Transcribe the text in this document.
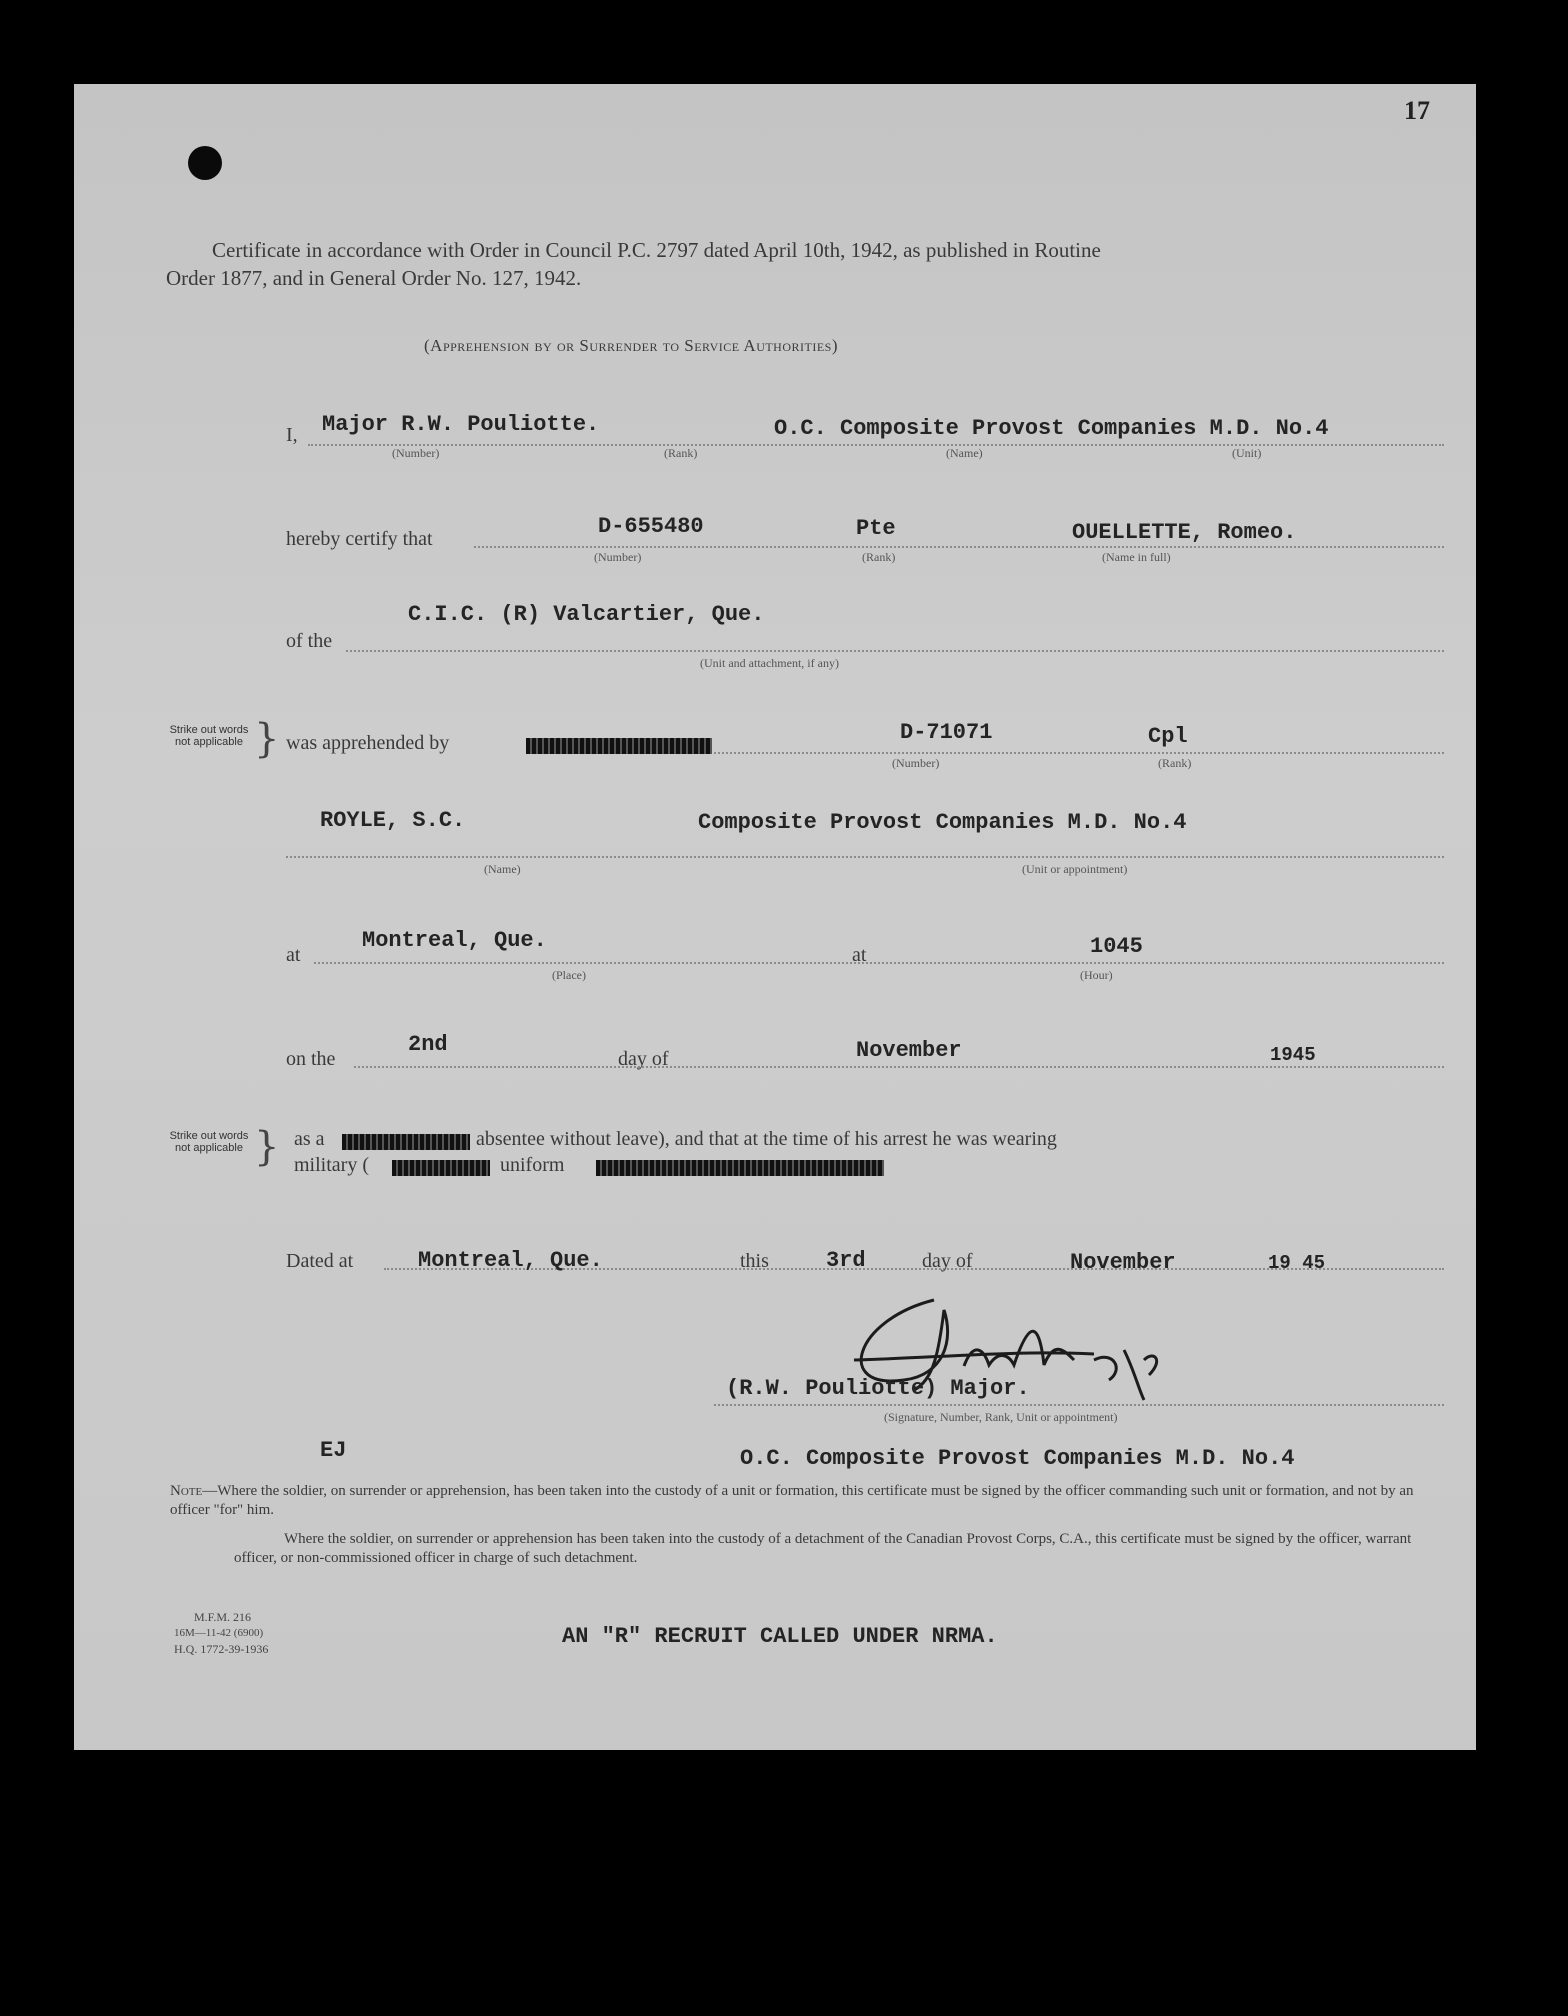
17
Certificate in accordance with Order in Council P.C. 2797 dated April 10th, 1942, as published in Routine
Order 1877, and in General Order No. 127, 1942.
(Apprehension by or Surrender to Service Authorities)
I, Major R.W. Pouliotte.	O.C. Composite Provost Companies M.D. No.4
(Number)	(Rank)	(Name)	(Unit)
hereby certify that	D-655480	Pte	OUELLETTE, Romeo.
(Number)	(Rank)	(Name in full)
of the
C.I.C. (R) Valcartier, Que.
(Unit and attachment, if any)
Strike out words not applicable } was apprehended by	D-71071	Cpl
(Number)	(Rank)
ROYLE, S.C.	Composite Provost Companies M.D. No.4
(Name)	(Unit or appointment)
at
Montreal, Que.
at	1045
(Place)	(Hour)
on the
2nd
day of	November	1945
Strike out words not applicable } as a	absentee without leave), and that at the time of his arrest he was wearing
military (	uniform
Dated at	Montreal, Que.	this	3rd	day of	November	19 45
(R.W. Pouliotte) Major.
(Signature, Number, Rank, Unit or appointment)
EJ	O.C. Composite Provost Companies M.D. No.4
Note—Where the soldier, on surrender or apprehension, has been taken into the custody of a unit or formation, this certificate must be signed by the officer commanding such unit or formation, and not by an officer "for" him.
Where the soldier, on surrender or apprehension has been taken into the custody of a detachment of the Canadian Provost Corps, C.A., this certificate must be signed by the officer, warrant officer, or non-commissioned officer in charge of such detachment.
M.F.M. 216
16M—11-42 (6900)
H.Q. 1772-39-1936	AN "R" RECRUIT CALLED UNDER NRMA.
